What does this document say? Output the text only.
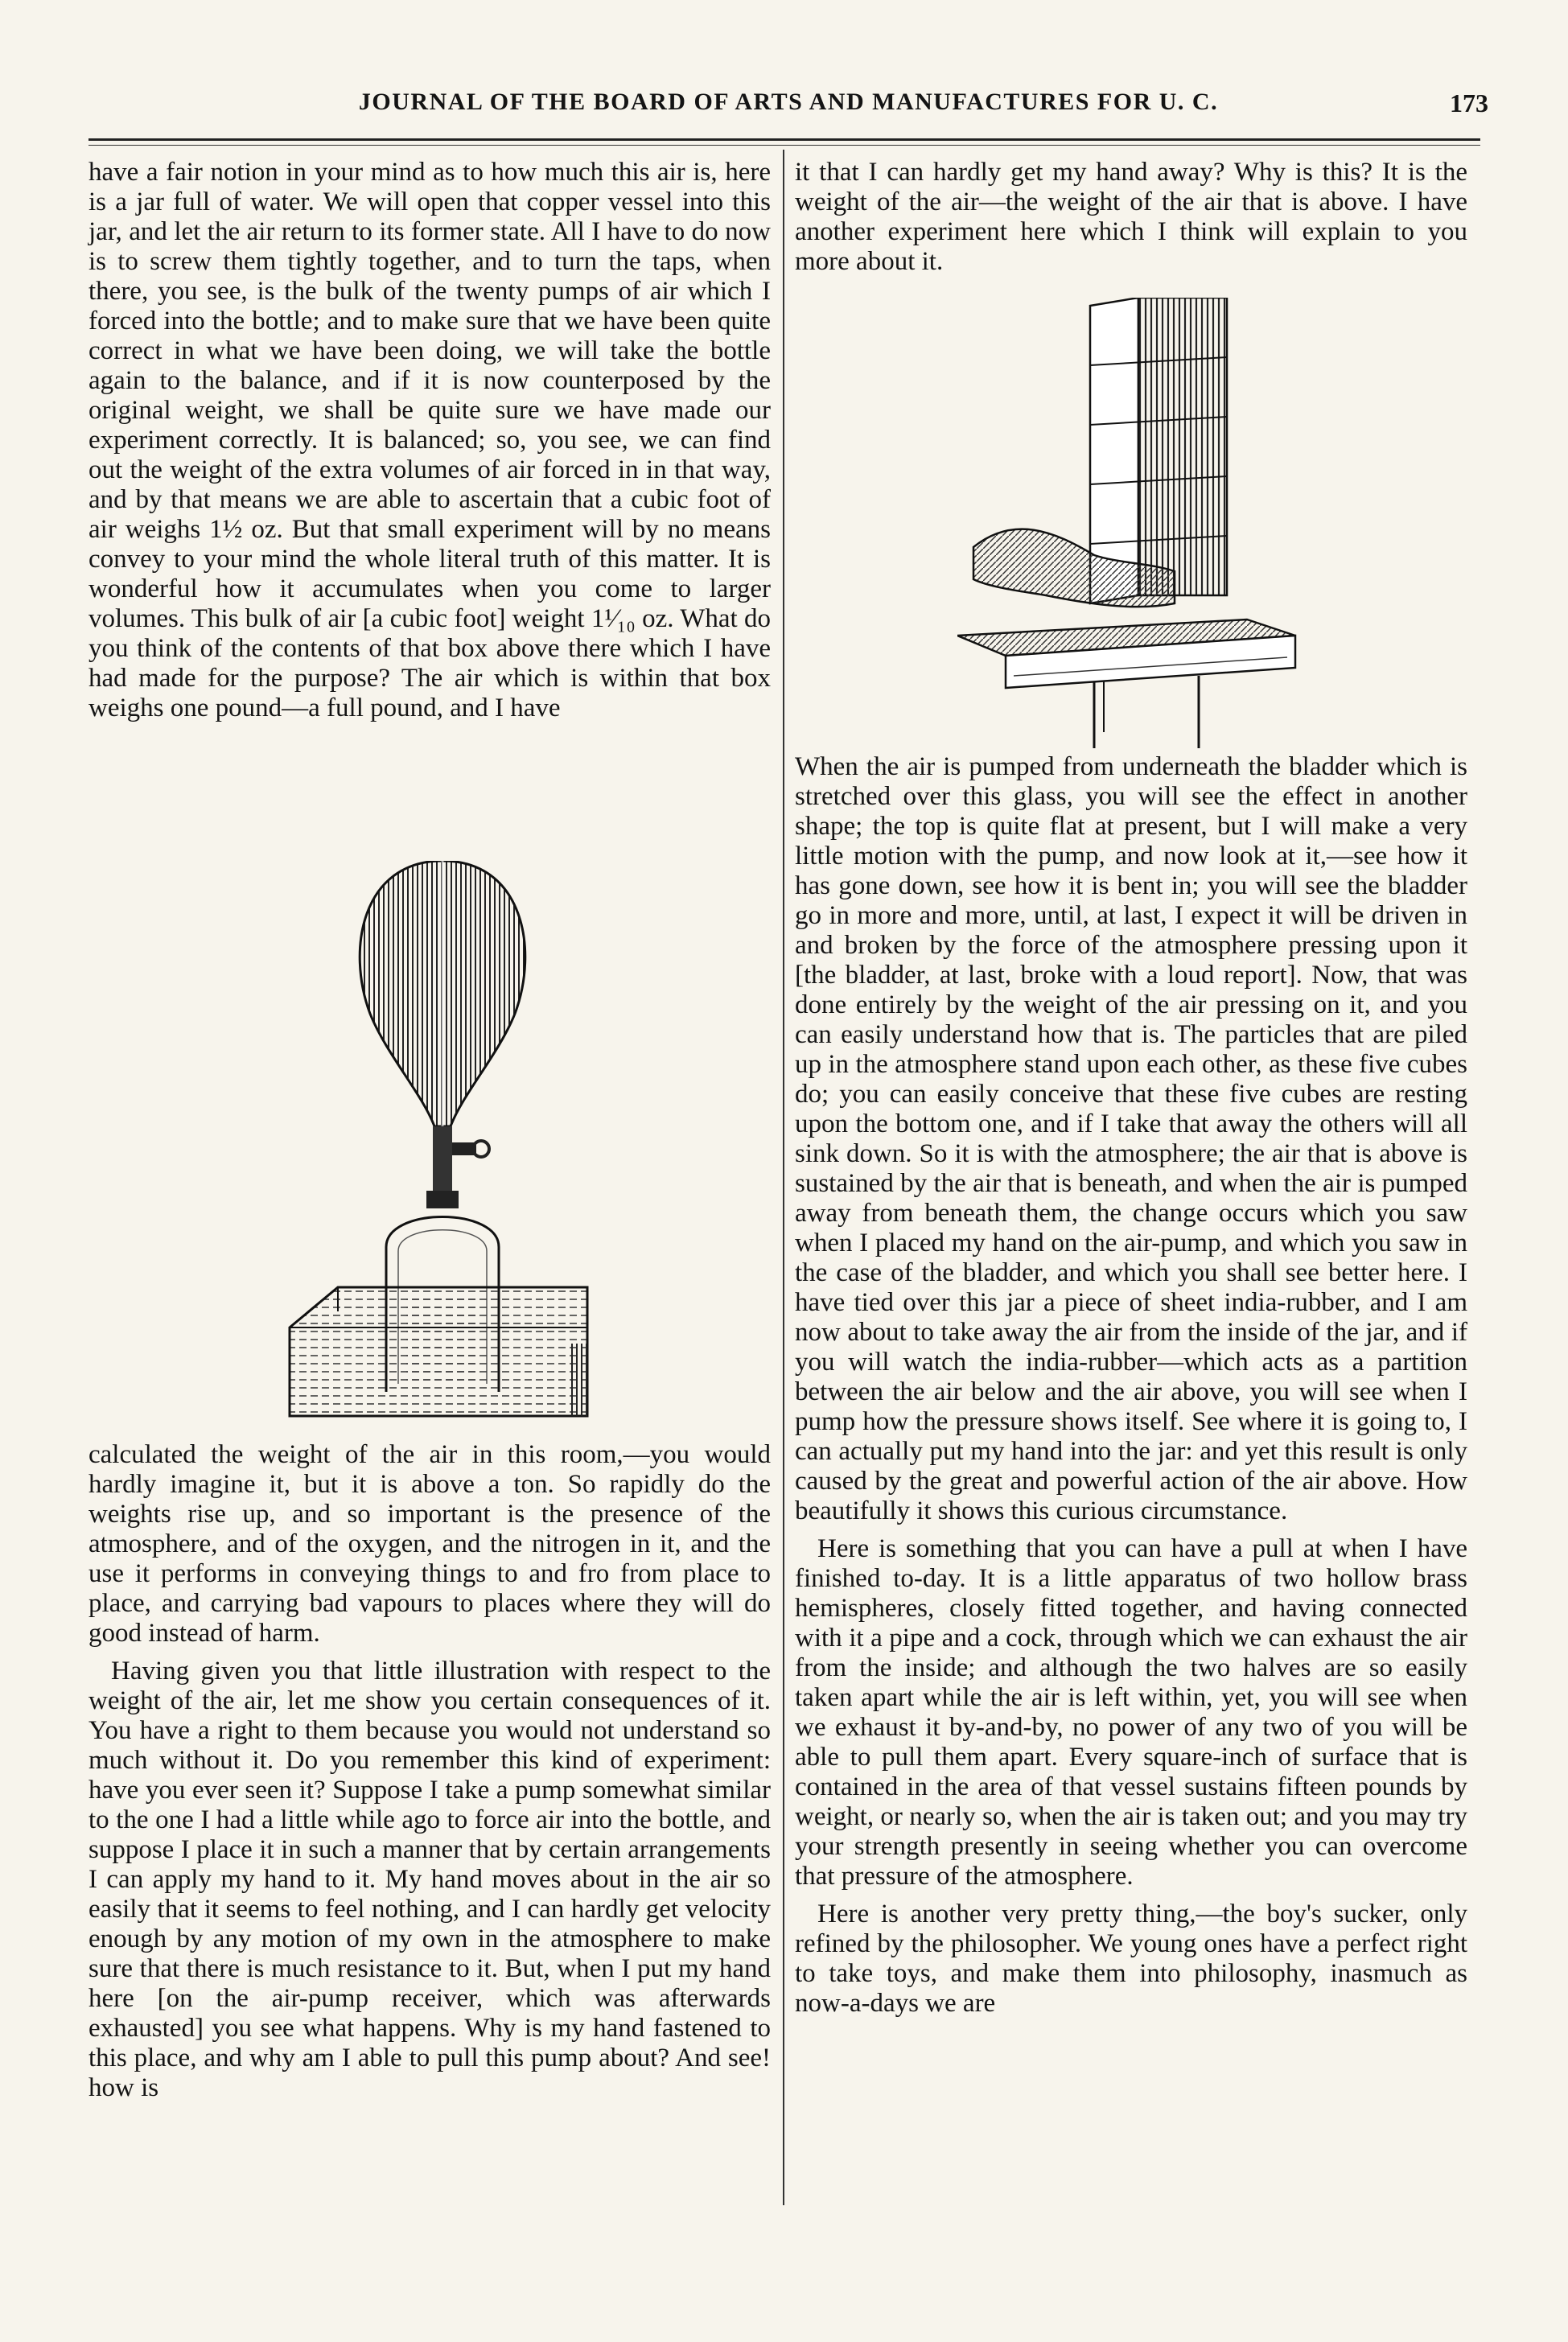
JOURNAL OF THE BOARD OF ARTS AND MANUFACTURES FOR U. C.	173

have a fair notion in your mind as to how much this air is, here is a jar full of water. We will open that copper vessel into this jar, and let the air return to its former state. All I have to do now is to screw them tightly together, and to turn the taps, when there, you see, is the bulk of the twenty pumps of air which I forced into the bottle; and to make sure that we have been quite correct in what we have been doing, we will take the bottle again to the balance, and if it is now counterposed by the original weight, we shall be quite sure we have made our experiment correctly. It is balanced; so, you see, we can find out the weight of the extra volumes of air forced in in that way, and by that means we are able to ascertain that a cubic foot of air weighs 1½ oz. But that small experiment will by no means convey to your mind the whole literal truth of this matter. It is wonderful how it accumulates when you come to larger volumes. This bulk of air [a cubic foot] weight 1¹⁄₁₀ oz. What do you think of the contents of that box above there which I have had made for the purpose? The air which is within that box weighs one pound—a full pound, and I have

calculated the weight of the air in this room,—you would hardly imagine it, but it is above a ton. So rapidly do the weights rise up, and so important is the presence of the atmosphere, and of the oxygen, and the nitrogen in it, and the use it performs in conveying things to and fro from place to place, and carrying bad vapours to places where they will do good instead of harm.

Having given you that little illustration with respect to the weight of the air, let me show you certain consequences of it. You have a right to them because you would not understand so much without it. Do you remember this kind of experiment: have you ever seen it? Suppose I take a pump somewhat similar to the one I had a little while ago to force air into the bottle, and suppose I place it in such a manner that by certain arrangements I can apply my hand to it. My hand moves about in the air so easily that it seems to feel nothing, and I can hardly get velocity enough by any motion of my own in the atmosphere to make sure that there is much resistance to it. But, when I put my hand here [on the air-pump receiver, which was afterwards exhausted] you see what happens. Why is my hand fastened to this place, and why am I able to pull this pump about? And see! how is

it that I can hardly get my hand away? Why is this? It is the weight of the air—the weight of the air that is above. I have another experiment here which I think will explain to you more about it.

When the air is pumped from underneath the bladder which is stretched over this glass, you will see the effect in another shape; the top is quite flat at present, but I will make a very little motion with the pump, and now look at it,—see how it has gone down, see how it is bent in; you will see the bladder go in more and more, until, at last, I expect it will be driven in and broken by the force of the atmosphere pressing upon it [the bladder, at last, broke with a loud report]. Now, that was done entirely by the weight of the air pressing on it, and you can easily understand how that is. The particles that are piled up in the atmosphere stand upon each other, as these five cubes do; you can easily conceive that these five cubes are resting upon the bottom one, and if I take that away the others will all sink down. So it is with the atmosphere; the air that is above is sustained by the air that is beneath, and when the air is pumped away from beneath them, the change occurs which you saw when I placed my hand on the air-pump, and which you saw in the case of the bladder, and which you shall see better here. I have tied over this jar a piece of sheet india-rubber, and I am now about to take away the air from the inside of the jar, and if you will watch the india-rubber—which acts as a partition between the air below and the air above, you will see when I pump how the pressure shows itself. See where it is going to, I can actually put my hand into the jar: and yet this result is only caused by the great and powerful action of the air above. How beautifully it shows this curious circumstance.

Here is something that you can have a pull at when I have finished to-day. It is a little apparatus of two hollow brass hemispheres, closely fitted together, and having connected with it a pipe and a cock, through which we can exhaust the air from the inside; and although the two halves are so easily taken apart while the air is left within, yet, you will see when we exhaust it by-and-by, no power of any two of you will be able to pull them apart. Every square-inch of surface that is contained in the area of that vessel sustains fifteen pounds by weight, or nearly so, when the air is taken out; and you may try your strength presently in seeing whether you can overcome that pressure of the atmosphere.

Here is another very pretty thing,—the boy's sucker, only refined by the philosopher. We young ones have a perfect right to take toys, and make them into philosophy, inasmuch as now-a-days we are
